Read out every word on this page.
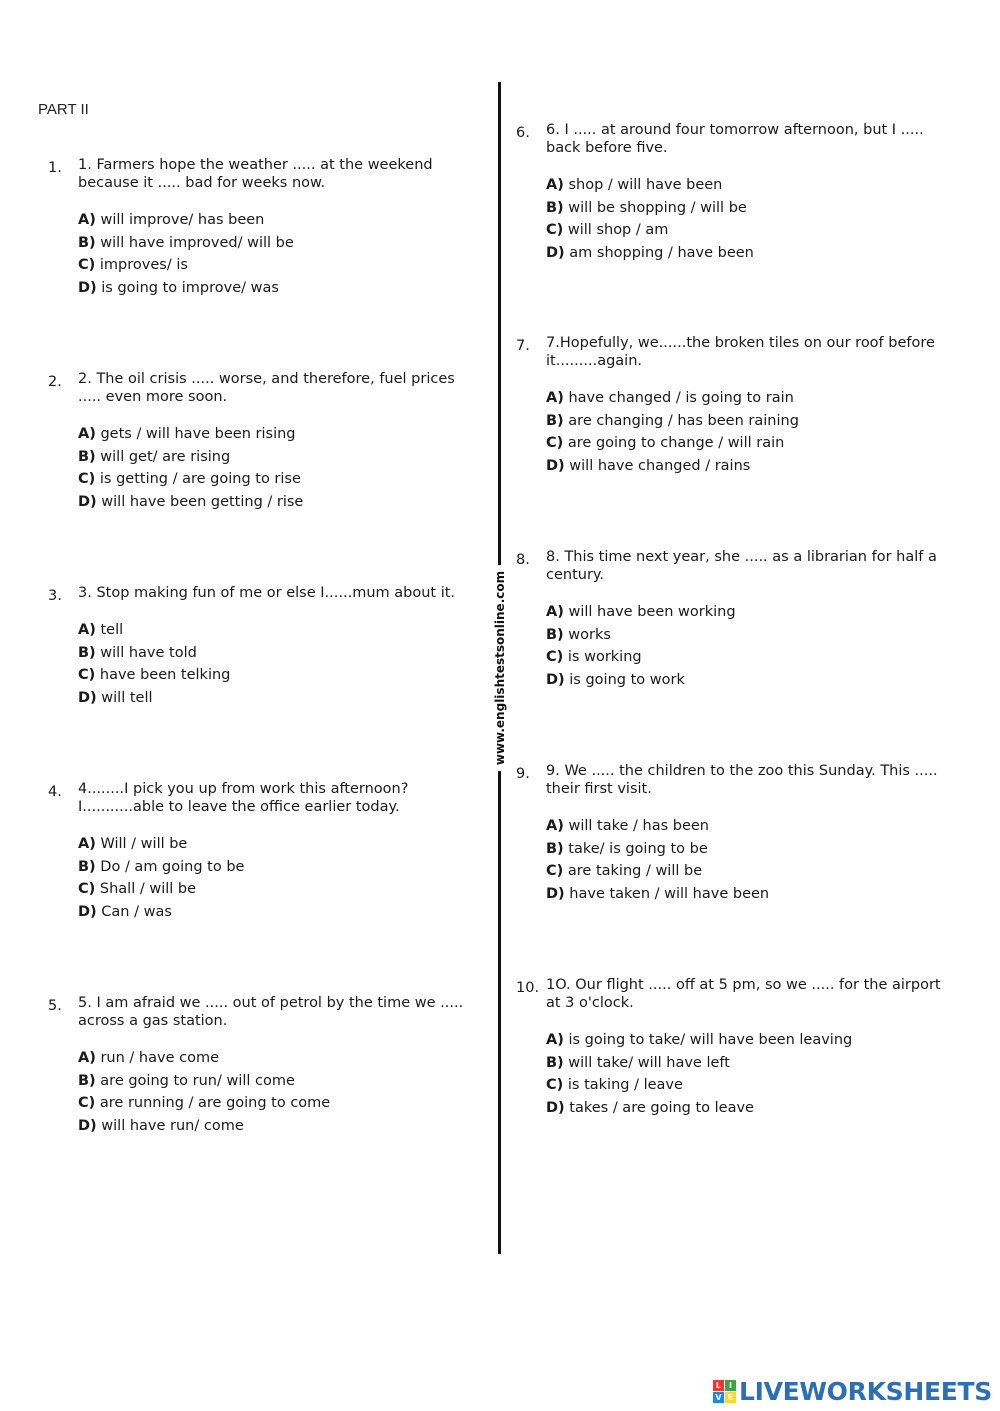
PART II
www.englishtestsonline.com
1. 1. Farmers hope the weather ..... at the weekend because it ..... bad for weeks now.
A) will improve/ has been
B) will have improved/ will be
C) improves/ is
D) is going to improve/ was
2. 2. The oil crisis ..... worse, and therefore, fuel prices ..... even more soon.
A) gets / will have been rising
B) will get/ are rising
C) is getting / are going to rise
D) will have been getting / rise
3. 3. Stop making fun of me or else I......mum about it.
A) tell
B) will have told
C) have been telking
D) will tell
4. 4........I pick you up from work this afternoon? I...........able to leave the office earlier today.
A) Will / will be
B) Do / am going to be
C) Shall / will be
D) Can / was
5. 5. I am afraid we ..... out of petrol by the time we ..... across a gas station.
A) run / have come
B) are going to run/ will come
C) are running / are going to come
D) will have run/ come
6. 6. I ..... at around four tomorrow afternoon, but I ..... back before five.
A) shop / will have been
B) will be shopping / will be
C) will shop / am
D) am shopping / have been
7. 7.Hopefully, we......the broken tiles on our roof before it.........again.
A) have changed / is going to rain
B) are changing / has been raining
C) are going to change / will rain
D) will have changed / rains
8. 8. This time next year, she ..... as a librarian for half a century.
A) will have been working
B) works
C) is working
D) is going to work
9. 9. We ..... the children to the zoo this Sunday. This ..... their first visit.
A) will take / has been
B) take/ is going to be
C) are taking / will be
D) have taken / will have been
10. 1O. Our flight ..... off at 5 pm, so we ..... for the airport at 3 o'clock.
A) is going to take/ will have been leaving
B) will take/ will have left
C) is taking / leave
D) takes / are going to leave
L I
V E LIVEWORKSHEETS
